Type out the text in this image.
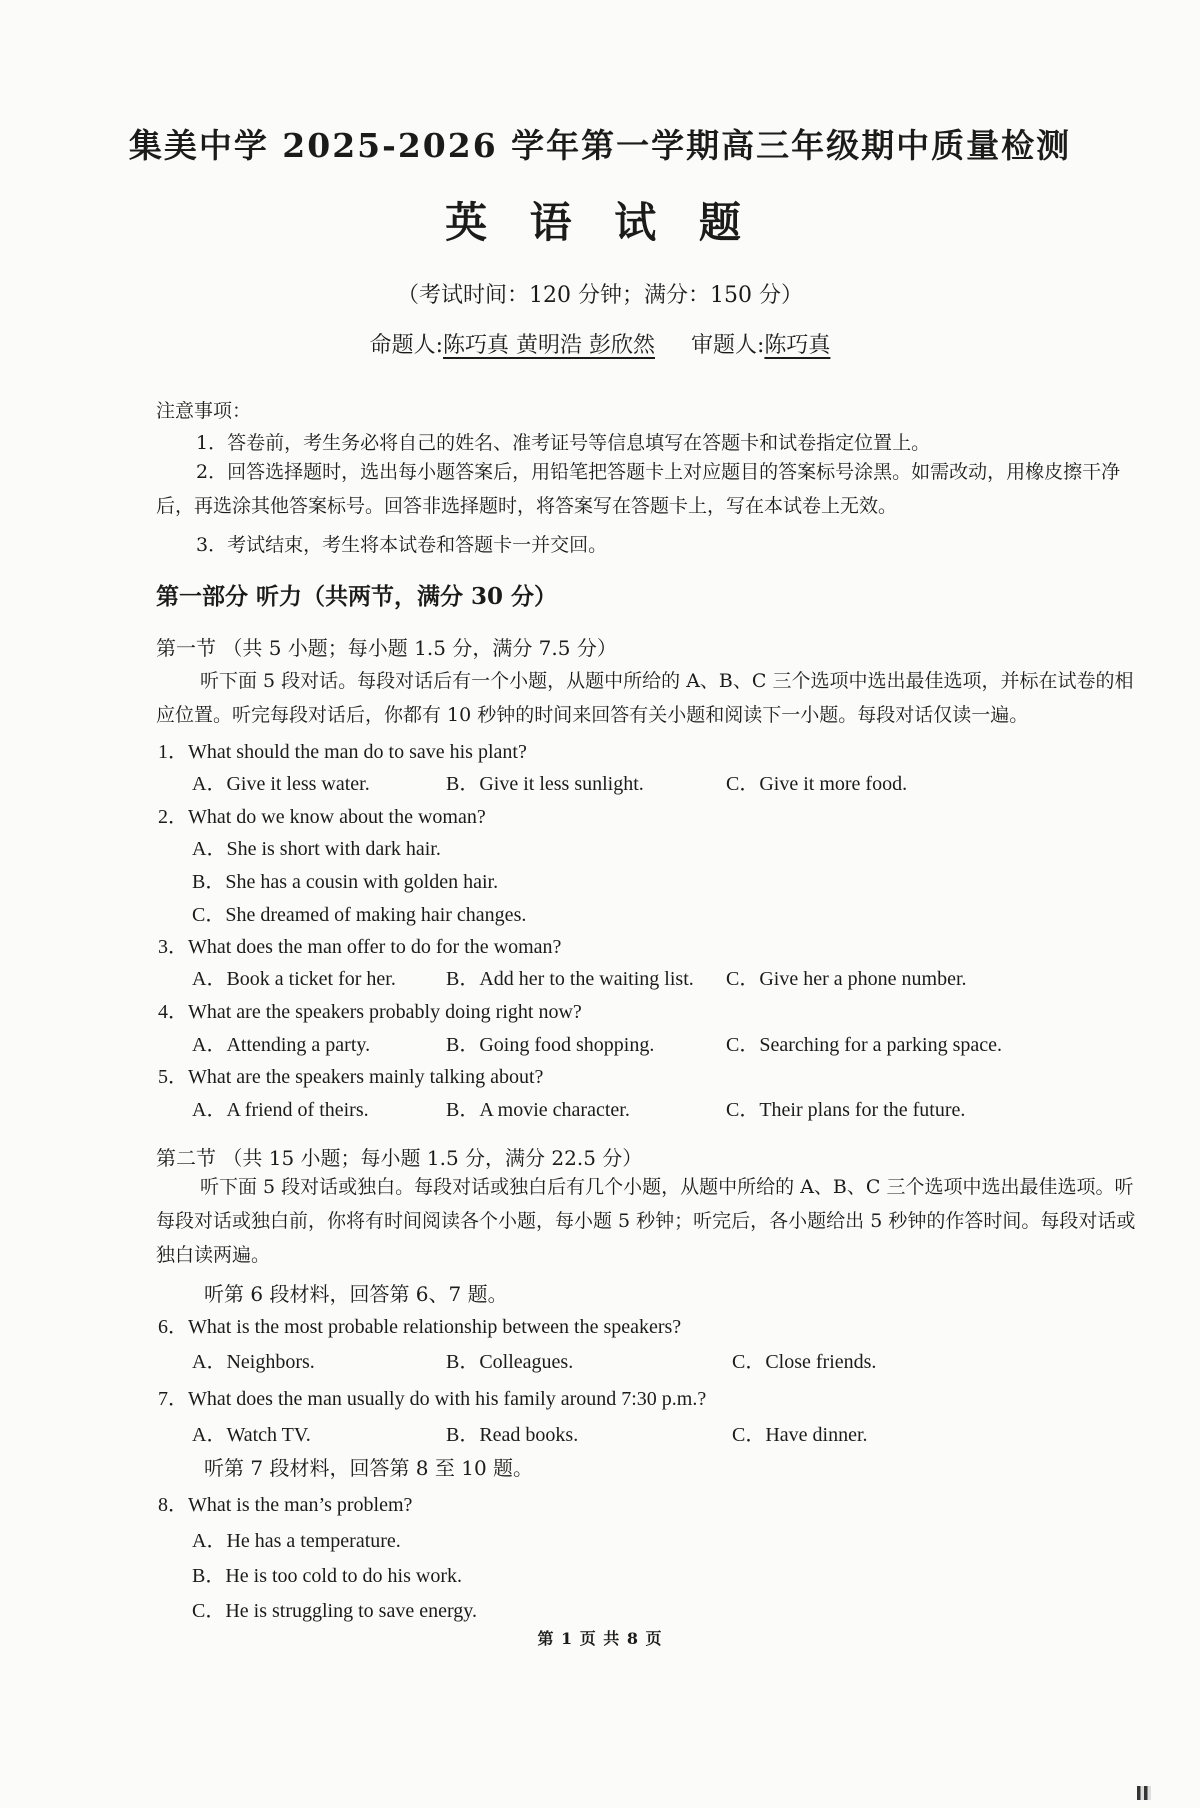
集美中学 2025-2026 学年第一学期高三年级期中质量检测
英 语 试 题
（考试时间：120 分钟；满分：150 分）
命题人:陈巧真 黄明浩 彭欣然 审题人:陈巧真
注意事项：
1．答卷前，考生务必将自己的姓名、准考证号等信息填写在答题卡和试卷指定位置上。
2．回答选择题时，选出每小题答案后，用铅笔把答题卡上对应题目的答案标号涂黑。如需改动，用橡皮擦干净后，再选涂其他答案标号。回答非选择题时，将答案写在答题卡上，写在本试卷上无效。
3．考试结束，考生将本试卷和答题卡一并交回。
第一部分 听力（共两节，满分 30 分）
第一节 （共 5 小题；每小题 1.5 分，满分 7.5 分）
听下面 5 段对话。每段对话后有一个小题，从题中所给的 A、B、C 三个选项中选出最佳选项，并标在试卷的相应位置。听完每段对话后，你都有 10 秒钟的时间来回答有关小题和阅读下一小题。每段对话仅读一遍。
1．What should the man do to save his plant?
A．Give it less water.	B．Give it less sunlight.	C．Give it more food.
2．What do we know about the woman?
A．She is short with dark hair.
B．She has a cousin with golden hair.
C．She dreamed of making hair changes.
3．What does the man offer to do for the woman?
A．Book a ticket for her.	B．Add her to the waiting list. C．Give her a phone number.
4．What are the speakers probably doing right now?
A．Attending a party.	B．Going food shopping.	C．Searching for a parking space.
5．What are the speakers mainly talking about?
A．A friend of theirs.	B．A movie character.	C．Their plans for the future.
第二节 （共 15 小题；每小题 1.5 分，满分 22.5 分）
听下面 5 段对话或独白。每段对话或独白后有几个小题，从题中所给的 A、B、C 三个选项中选出最佳选项。听每段对话或独白前，你将有时间阅读各个小题，每小题 5 秒钟；听完后，各小题给出 5 秒钟的作答时间。每段对话或独白读两遍。
听第 6 段材料，回答第 6、7 题。
6．What is the most probable relationship between the speakers?
A．Neighbors.	B．Colleagues.	C．Close friends.
7．What does the man usually do with his family around 7:30 p.m.?
A．Watch TV.	B．Read books.	C．Have dinner.
听第 7 段材料，回答第 8 至 10 题。
8．What is the man’s problem?
A．He has a temperature.
B．He is too cold to do his work.
C．He is struggling to save energy.
第 1 页 共 8 页
